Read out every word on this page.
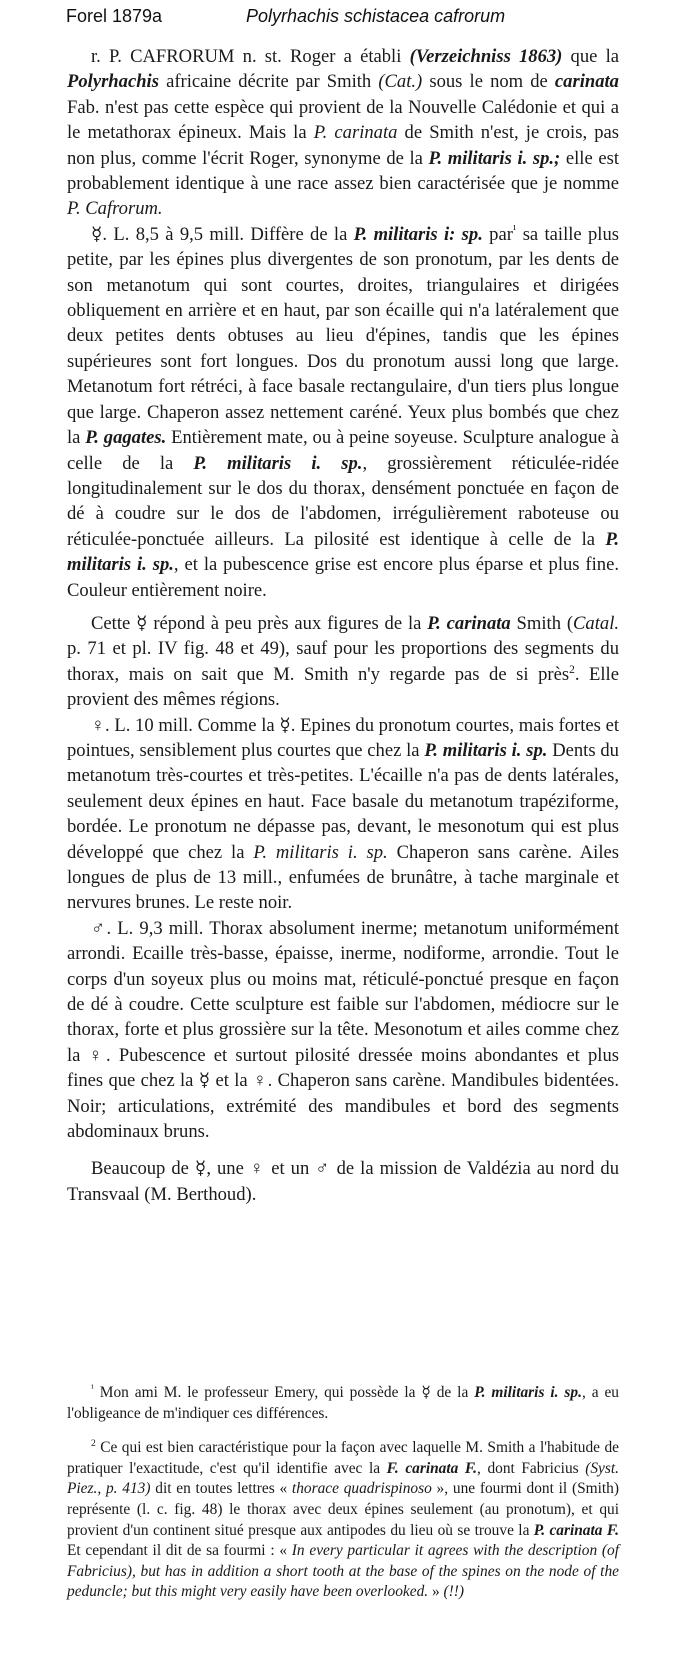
Forel 1879a	Polyrhachis schistacea cafrorum

r. P. CAFRORUM n. st. Roger a établi (Verzeichniss 1863) que la Polyrhachis africaine décrite par Smith (Cat.) sous le nom de carinata Fab. n'est pas cette espèce qui provient de la Nouvelle Calédonie et qui a le metathorax épineux. Mais la P. carinata de Smith n'est, je crois, pas non plus, comme l'écrit Roger, synonyme de la P. militaris i. sp.; elle est probablement identique à une race assez bien caractérisée que je nomme P. Cafrorum.

☿. L. 8,5 à 9,5 mill. Diffère de la P. militaris i: sp. par$^{^1}$ sa taille plus petite, par les épines plus divergentes de son pronotum, par les dents de son metanotum qui sont courtes, droites, triangulaires et dirigées obliquement en arrière et en haut, par son écaille qui n'a latéralement que deux petites dents obtuses au lieu d'épines, tandis que les épines supérieures sont fort longues. Dos du pronotum aussi long que large. Metanotum fort rétréci, à face basale rectangulaire, d'un tiers plus longue que large. Chaperon assez nettement caréné. Yeux plus bombés que chez la P. gagates. Entièrement mate, ou à peine soyeuse. Sculpture analogue à celle de la P. militaris i. sp., grossièrement réticulée-ridée longitudinalement sur le dos du thorax, densément ponctuée en façon de dé à coudre sur le dos de l'abdomen, irrégulièrement raboteuse ou réticulée-ponctuée ailleurs. La pilosité est identique à celle de la P. militaris i. sp., et la pubescence grise est encore plus éparse et plus fine. Couleur entièrement noire.

Cette ☿ répond à peu près aux figures de la P. carinata Smith (Catal. p. 71 et pl. IV fig. 48 et 49), sauf pour les proportions des segments du thorax, mais on sait que M. Smith n'y regarde pas de si près$^2$. Elle provient des mêmes régions.

♀. L. 10 mill. Comme la ☿. Epines du pronotum courtes, mais fortes et pointues, sensiblement plus courtes que chez la P. militaris i. sp. Dents du metanotum très-courtes et très-petites. L'écaille n'a pas de dents latérales, seulement deux épines en haut. Face basale du metanotum trapéziforme, bordée. Le pronotum ne dépasse pas, devant, le mesonotum qui est plus développé que chez la P. militaris i. sp. Chaperon sans carène. Ailes longues de plus de 13 mill., enfumées de brunâtre, à tache marginale et nervures brunes. Le reste noir.

♂. L. 9,3 mill. Thorax absolument inerme; metanotum uniformément arrondi. Ecaille très-basse, épaisse, inerme, nodiforme, arrondie. Tout le corps d'un soyeux plus ou moins mat, réticulé-ponctué presque en façon de dé à coudre. Cette sculpture est faible sur l'abdomen, médiocre sur le thorax, forte et plus grossière sur la tête. Mesonotum et ailes comme chez la ♀. Pubescence et surtout pilosité dressée moins abondantes et plus fines que chez la ☿ et la ♀. Chaperon sans carène. Mandibules bidentées. Noir; articulations, extrémité des mandibules et bord des segments abdominaux bruns.

Beaucoup de ☿, une ♀ et un ♂ de la mission de Valdézia au nord du Transvaal (M. Berthoud).

$^{^1}$ Mon ami M. le professeur Emery, qui possède la ☿ de la P. militaris i. sp., a eu l'obligeance de m'indiquer ces différences.

$^2$ Ce qui est bien caractéristique pour la façon avec laquelle M. Smith a l'habitude de pratiquer l'exactitude, c'est qu'il identifie avec la F. carinata F., dont Fabricius (Syst. Piez., p. 413) dit en toutes lettres « thorace quadrispinoso », une fourmi dont il (Smith) représente (l. c. fig. 48) le thorax avec deux épines seulement (au pronotum), et qui provient d'un continent situé presque aux antipodes du lieu où se trouve la P. carinata F. Et cependant il dit de sa fourmi : « In every particular it agrees with the description (of Fabricius), but has in addition a short tooth at the base of the spines on the node of the peduncle; but this might very easily have been overlooked. » (!!)
